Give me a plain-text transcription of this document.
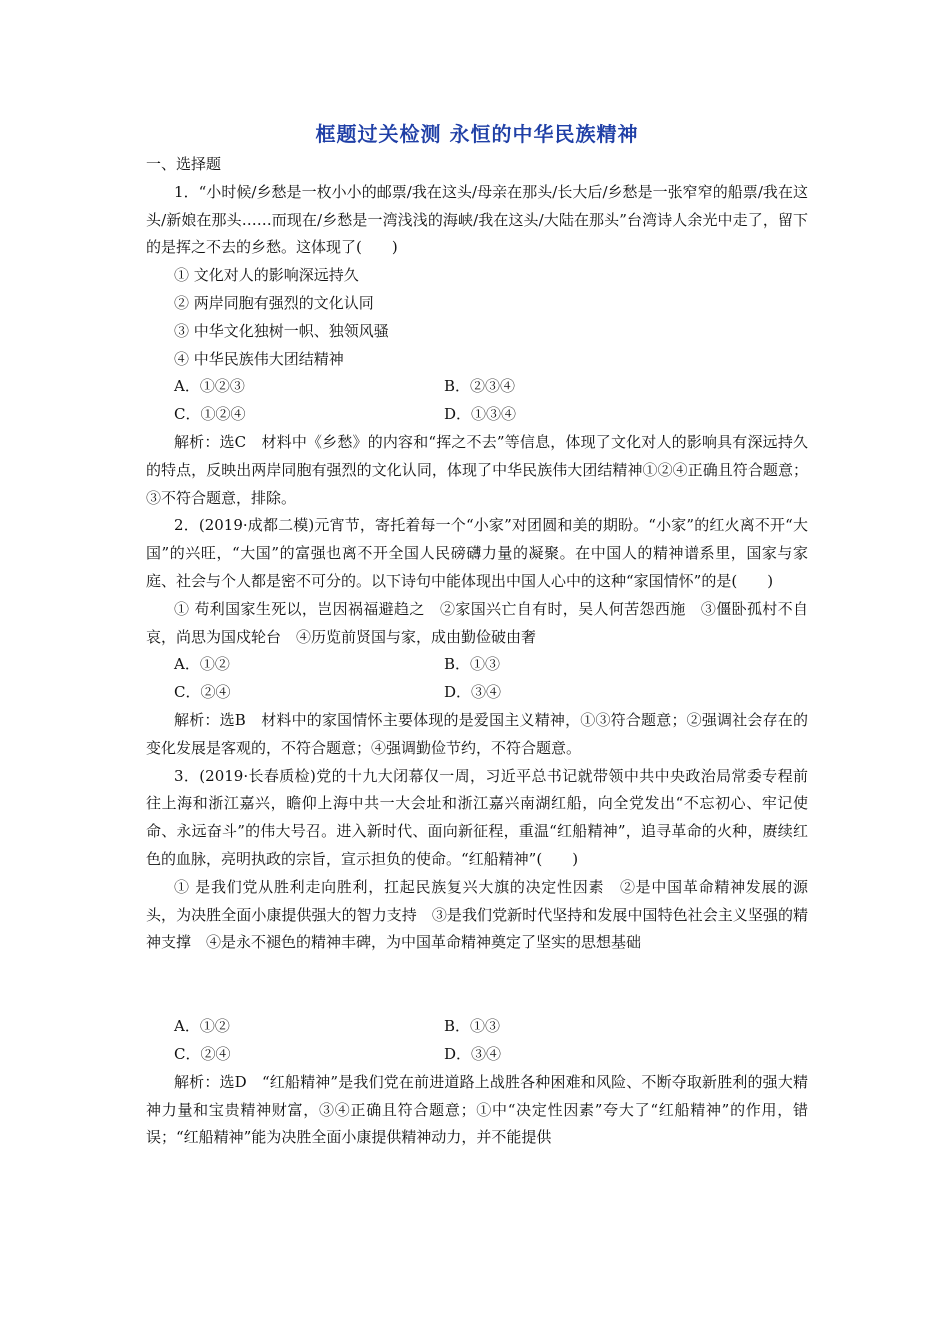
框题过关检测 永恒的中华民族精神

一、选择题

1．“小时候/乡愁是一枚小小的邮票/我在这头/母亲在那头/长大后/乡愁是一张窄窄的船票/我在这头/新娘在那头……而现在/乡愁是一湾浅浅的海峡/我在这头/大陆在那头”台湾诗人余光中走了，留下的是挥之不去的乡愁。这体现了(　　)

① 文化对人的影响深远持久
② 两岸同胞有强烈的文化认同
③ 中华文化独树一帜、独领风骚
④ 中华民族伟大团结精神
A．①②③	B．②③④
C．①②④	D．①③④

解析：选C　材料中《乡愁》的内容和“挥之不去”等信息，体现了文化对人的影响具有深远持久的特点，反映出两岸同胞有强烈的文化认同，体现了中华民族伟大团结精神①②④正确且符合题意；③不符合题意，排除。

2．(2019·成都二模)元宵节，寄托着每一个“小家”对团圆和美的期盼。“小家”的红火离不开“大国”的兴旺，“大国”的富强也离不开全国人民磅礴力量的凝聚。在中国人的精神谱系里，国家与家庭、社会与个人都是密不可分的。以下诗句中能体现出中国人心中的这种“家国情怀”的是(　　)

① 苟利国家生死以，岂因祸福避趋之　②家国兴亡自有时，吴人何苦怨西施　③僵卧孤村不自哀，尚思为国戍轮台　④历览前贤国与家，成由勤俭破由奢

A．①②	B．①③
C．②④	D．③④

解析：选B　材料中的家国情怀主要体现的是爱国主义精神，①③符合题意；②强调社会存在的变化发展是客观的，不符合题意；④强调勤俭节约，不符合题意。

3．(2019·长春质检)党的十九大闭幕仅一周，习近平总书记就带领中共中央政治局常委专程前往上海和浙江嘉兴，瞻仰上海中共一大会址和浙江嘉兴南湖红船，向全党发出“不忘初心、牢记使命、永远奋斗”的伟大号召。进入新时代、面向新征程，重温“红船精神”，追寻革命的火种，赓续红色的血脉，亮明执政的宗旨，宣示担负的使命。“红船精神”(　　)

① 是我们党从胜利走向胜利，扛起民族复兴大旗的决定性因素　②是中国革命精神发展的源头，为决胜全面小康提供强大的智力支持　③是我们党新时代坚持和发展中国特色社会主义坚强的精神支撑　④是永不褪色的精神丰碑，为中国革命精神奠定了坚实的思想基础

A．①②	B．①③
C．②④	D．③④

解析：选D　“红船精神”是我们党在前进道路上战胜各种困难和风险、不断夺取新胜利的强大精神力量和宝贵精神财富，③④正确且符合题意；①中“决定性因素”夸大了“红船精神”的作用，错误；“红船精神”能为决胜全面小康提供精神动力，并不能提供
